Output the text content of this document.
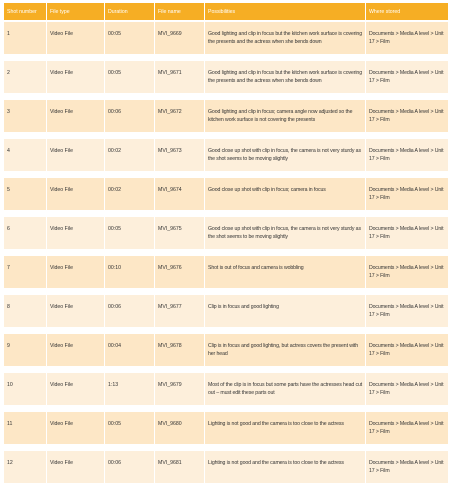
Shot number	File type	Duration	File name	Possibilities	Where stored
1	Video File	00:05	MVI_9669	Good lighting and clip in focus but the kitchen work surface is covering the presents and the actress when she bends down	Documents > Media A level > Unit 17 > Film
2	Video File	00:05	MVI_9671	Good lighting and clip in focus but the kitchen work surface is covering the presents and the actress when she bends down	Documents > Media A level > Unit 17 > Film
3	Video File	00:06	MVI_9672	Good lighting and clip in focus; camera angle now adjusted so the kitchen work surface is not covering the presents	Documents > Media A level > Unit 17 > Film
4	Video File	00:02	MVI_9673	Good close up shot with clip in focus, the camera is not very sturdy as the shot seems to be moving slightly	Documents > Media A level > Unit 17 > Film
5	Video File	00:02	MVI_9674	Good close up shot with clip in focus; camera in focus	Documents > Media A level > Unit 17 > Film
6	Video File	00:05	MVI_9675	Good close up shot with clip in focus, the camera is not very sturdy as the shot seems to be moving slightly	Documents > Media A level > Unit 17 > Film
7	Video File	00:10	MVI_9676	Shot is out of focus and camera is wobbling	Documents > Media A level > Unit 17 > Film
8	Video File	00:06	MVI_9677	Clip is in focus and good lighting	Documents > Media A level > Unit 17 > Film
9	Video File	00:04	MVI_9678	Clip is in focus and good lighting, but actress covers the present with her head	Documents > Media A level > Unit 17 > Film
10	Video File	1:13	MVI_9679	Most of the clip is in focus but some parts have the actresses head cut out – must edit these parts out	Documents > Media A level > Unit 17 > Film
11	Video File	00:05	MVI_9680	Lighting is not good and the camera is too close to the actress	Documents > Media A level > Unit 17 > Film
12	Video File	00:06	MVI_9681	Lighting is not good and the camera is too close to the actress	Documents > Media A level > Unit 17 > Film
